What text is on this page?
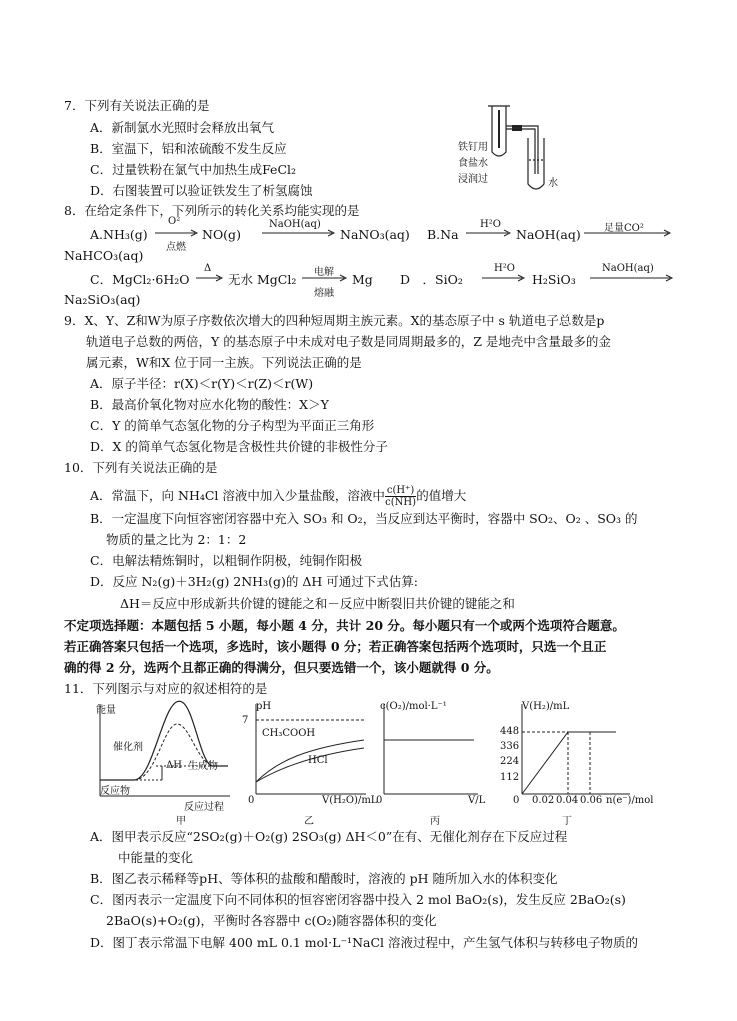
7．下列有关说法正确的是
A．新制氯水光照时会释放出氧气
B．室温下，铝和浓硫酸不发生反应
C．过量铁粉在氯气中加热生成FeCl₂
D．右图装置可以验证铁发生了析氢腐蚀
铁钉用
食盐水
浸润过	水
8．在给定条件下，下列所示的转化关系均能实现的是
A.NH₃(g)
O²
点燃
NO(g)
NaOH(aq)
NaNO₃(aq) B.Na
H²O
NaOH(aq) 足量CO²
NaHCO₃(aq)
C．MgCl₂·6H₂O
Δ
无水 MgCl₂ 电解
熔融
Mg D　．SiO₂
H²O
H₂SiO₃
NaOH(aq)
Na₂SiO₃(aq)
9．X、Y、Z和W为原子序数依次增大的四种短周期主族元素。X的基态原子中 s 轨道电子总数是p
轨道电子总数的两倍，Y 的基态原子中未成对电子数是同周期最多的，Z 是地壳中含量最多的金
属元素，W和X 位于同一主族。下列说法正确的是
A．原子半径：r(X)＜r(Y)＜r(Z)＜r(W)
B．最高价氧化物对应水化物的酸性：X＞Y
C．Y 的简单气态氢化物的分子构型为平面正三角形
D．X 的简单气态氢化物是含极性共价键的非极性分子
10．下列有关说法正确的是
A．常温下，向 NH₄Cl 溶液中加入少量盐酸，溶液中 $\frac{c(H^+)}{c(NH)}$ 的值增大
B．一定温度下向恒容密闭容器中充入 SO₃ 和 O₂，当反应到达平衡时，容器中 SO₂、O₂ 、SO₃ 的
物质的量之比为 2：1：2
C．电解法精炼铜时，以粗铜作阴极，纯铜作阳极
D．反应 N₂(g)＋3H₂(g) 2NH₃(g)的 ΔH 可通过下式估算:
ΔH＝反应中形成新共价键的键能之和－反应中断裂旧共价键的键能之和
不定项选择题：本题包括 5 小题，每小题 4 分，共计 20 分。每小题只有一个或两个选项符合题意。
若正确答案只包括一个选项，多选时，该小题得 0 分；若正确答案包括两个选项时，只选一个且正
确的得 2 分，选两个且都正确的得满分，但只要选错一个，该小题就得 0 分。
11．下列图示与对应的叙述相符的是
能量
催化剂
ΔH 生成物
反应物
反应过程
甲
pH
7
CH₃COOH
HCl
0	V(H₂O)/mL
乙
c(O₂)/mol·L⁻¹
0	V/L
丙
V(H₂)/mL
448
336
224
112
0 0.02 0.04 0.06 n(e⁻)/mol
丁
A．图甲表示反应“2SO₂(g)＋O₂(g) 2SO₃(g) ΔH＜0”在有、无催化剂存在下反应过程
中能量的变化
B．图乙表示稀释等pH、等体积的盐酸和醋酸时，溶液的 pH 随所加入水的体积变化
C．图丙表示一定温度下向不同体积的恒容密闭容器中投入 2 mol BaO₂(s)，发生反应 2BaO₂(s)
2BaO(s)+O₂(g)，平衡时各容器中 c(O₂)随容器体积的变化
D．图丁表示常温下电解 400 mL 0.1 mol·L⁻¹NaCl 溶液过程中，产生氢气体积与转移电子物质的
